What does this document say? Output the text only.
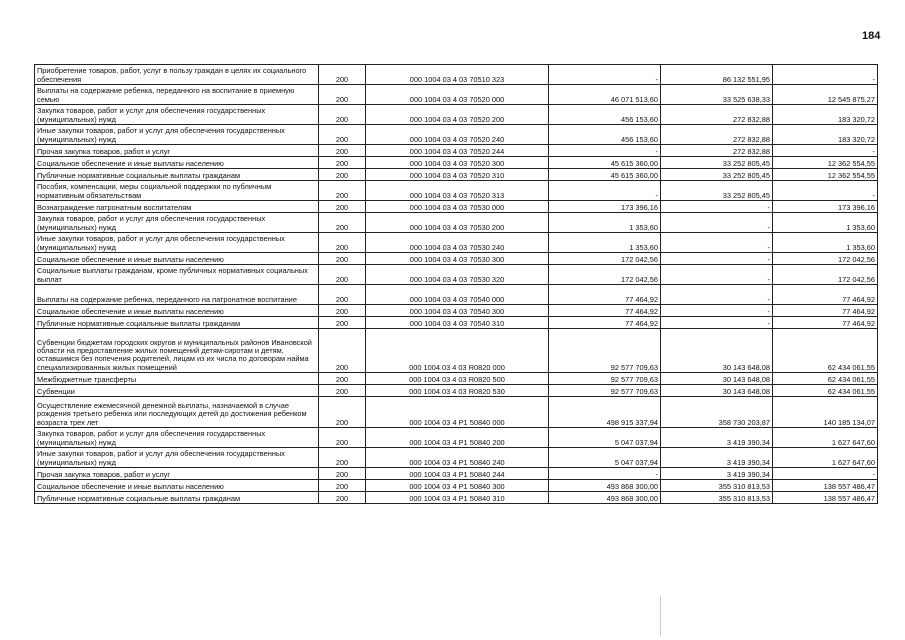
184
Приобретение товаров, работ, услуг в пользу граждан в целях их социального обеспечения	200	000 1004 03 4 03 70510 323	-	86 132 551,95	-
Выплаты на содержание ребенка, переданного на воспитание в приемную семью	200	000 1004 03 4 03 70520 000	46 071 513,60	33 525 638,33	12 545 875,27
Закупка товаров, работ и услуг для обеспечения государственных (муниципальных) нужд	200	000 1004 03 4 03 70520 200	456 153,60	272 832,88	183 320,72
Иные закупки товаров, работ и услуг для обеспечения государственных (муниципальных) нужд	200	000 1004 03 4 03 70520 240	456 153,60	272 832,88	183 320,72
Прочая закупка товаров, работ и услуг	200	000 1004 03 4 03 70520 244	-	272 832,88	-
Социальное обеспечение и иные выплаты населению	200	000 1004 03 4 03 70520 300	45 615 360,00	33 252 805,45	12 362 554,55
Публичные нормативные социальные выплаты гражданам	200	000 1004 03 4 03 70520 310	45 615 360,00	33 252 805,45	12 362 554,55
Пособия, компенсации, меры социальной поддержки по публичным нормативным обязательствам	200	000 1004 03 4 03 70520 313	-	33 252 805,45	-
Вознаграждение патронатным воспитателям	200	000 1004 03 4 03 70530 000	173 396,16	-	173 396,16
Закупка товаров, работ и услуг для обеспечения государственных (муниципальных) нужд	200	000 1004 03 4 03 70530 200	1 353,60	-	1 353,60
Иные закупки товаров, работ и услуг для обеспечения государственных (муниципальных) нужд	200	000 1004 03 4 03 70530 240	1 353,60	-	1 353,60
Социальное обеспечение и иные выплаты населению	200	000 1004 03 4 03 70530 300	172 042,56	-	172 042,56
Социальные выплаты гражданам, кроме публичных нормативных социальных выплат	200	000 1004 03 4 03 70530 320	172 042,56	-	172 042,56
Выплаты на содержание ребенка, переданного на патронатное воспитание	200	000 1004 03 4 03 70540 000	77 464,92	-	77 464,92
Социальное обеспечение и иные выплаты населению	200	000 1004 03 4 03 70540 300	77 464,92	-	77 464,92
Публичные нормативные социальные выплаты гражданам	200	000 1004 03 4 03 70540 310	77 464,92	-	77 464,92
Субвенции бюджетам городских округов и муниципальных районов Ивановской области на предоставление жилых помещений детям-сиротам и детям, оставшимся без попечения родителей, лицам из их числа по договорам найма специализированных жилых помещений	200	000 1004 03 4 03 R0820 000	92 577 709,63	30 143 648,08	62 434 061,55
Межбюджетные трансферты	200	000 1004 03 4 03 R0820 500	92 577 709,63	30 143 648,08	62 434 061,55
Субвенции	200	000 1004 03 4 03 R0820 530	92 577 709,63	30 143 648,08	62 434 061,55
Осуществление ежемесячной денежной выплаты, назначаемой в случае рождения третьего ребенка или последующих детей до достижения ребенком возраста трех лет	200	000 1004 03 4 P1 50840 000	498 915 337,94	358 730 203,87	140 185 134,07
Закупка товаров, работ и услуг для обеспечения государственных (муниципальных) нужд	200	000 1004 03 4 P1 50840 200	5 047 037,94	3 419 390,34	1 627 647,60
Иные закупки товаров, работ и услуг для обеспечения государственных (муниципальных) нужд	200	000 1004 03 4 P1 50840 240	5 047 037,94	3 419 390,34	1 627 647,60
Прочая закупка товаров, работ и услуг	200	000 1004 03 4 P1 50840 244	-	3 419 390,34	-
Социальное обеспечение и иные выплаты населению	200	000 1004 03 4 P1 50840 300	493 868 300,00	355 310 813,53	138 557 486,47
Публичные нормативные социальные выплаты гражданам	200	000 1004 03 4 P1 50840 310	493 868 300,00	355 310 813,53	138 557 486,47
